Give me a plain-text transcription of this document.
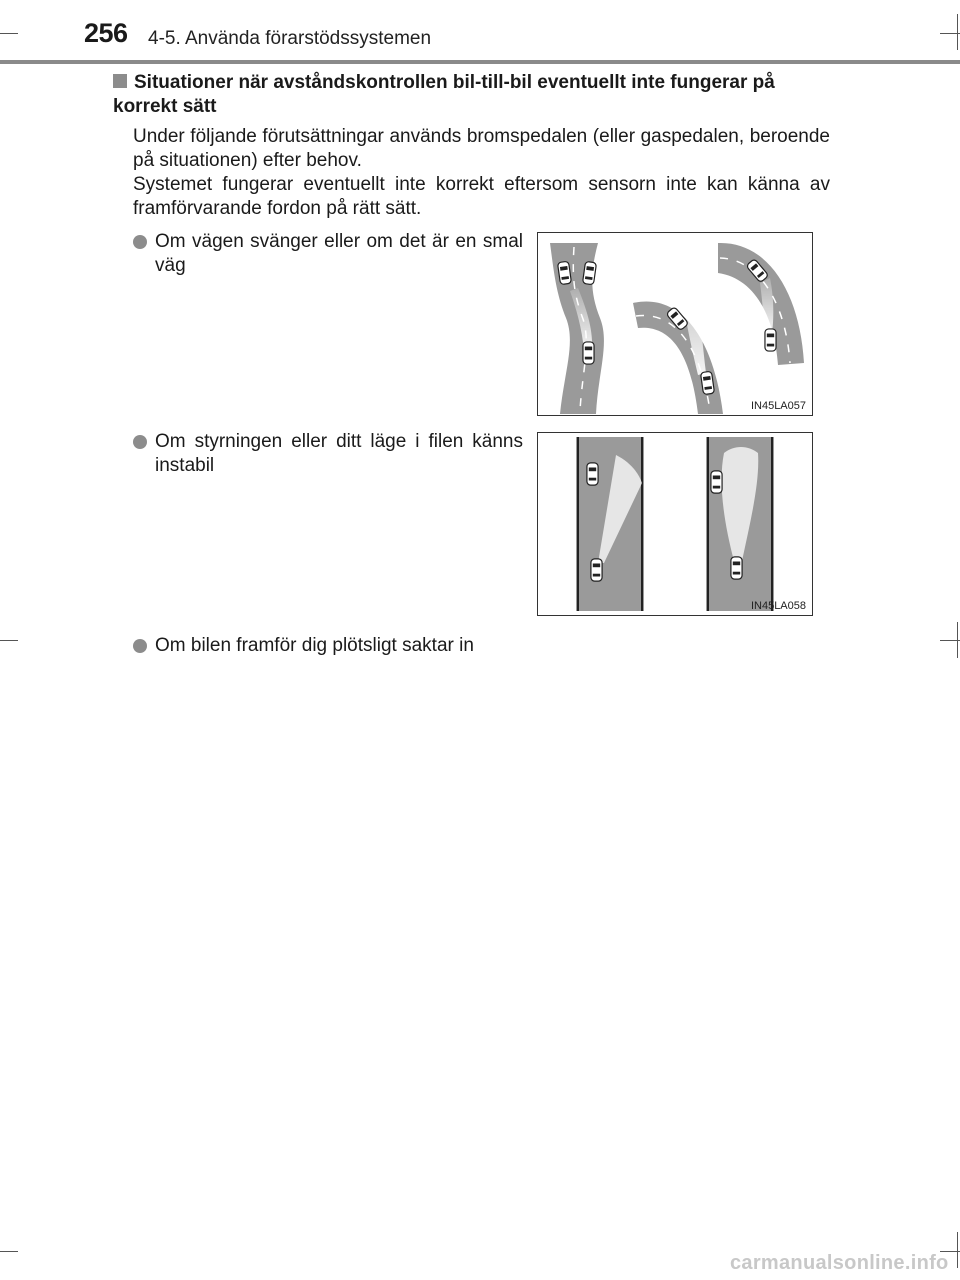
256 4-5. Använda förarstödssystemen
Situationer när avståndskontrollen bil-till-bil eventuellt inte fungerar på korrekt sätt

Under följande förutsättningar används bromspedalen (eller gaspedalen, beroende på situationen) efter behov.

Systemet fungerar eventuellt inte korrekt eftersom sensorn inte kan känna av framförvarande fordon på rätt sätt.

Om vägen svänger eller om det är en smal väg
Om styrningen eller ditt läge i filen känns instabil
Om bilen framför dig plötsligt saktar in
IN45LA057
IN45LA058
carmanualsonline.info
